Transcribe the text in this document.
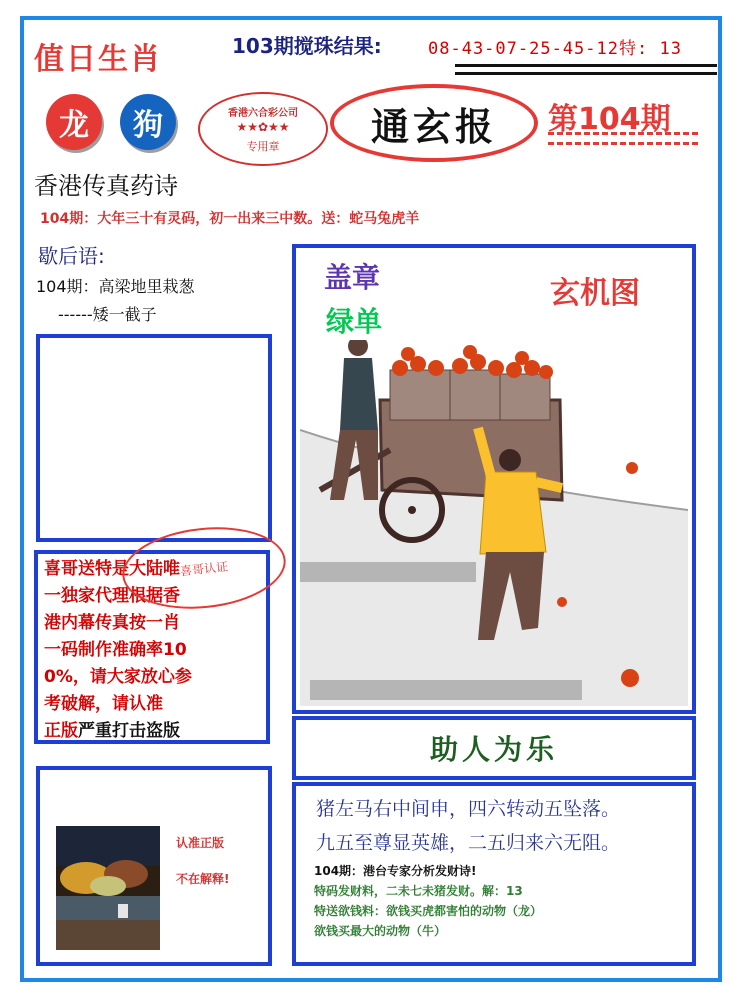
值日生肖	103期搅珠结果:	08-43-07-25-45-12特: 13
龙	狗	香港六合彩公司
★★✿★★
专用章	通玄报 第104期
香港传真药诗
104期：大年三十有灵码，初一出来三中数。送：蛇马兔虎羊
歇后语:
104期：高梁地里栽葱
------矮一截子
喜哥送特是大陆唯
一独家代理根据香
港内幕传真按一肖
一码制作准确率10
0%，请大家放心参
考破解，请认准
正版严重打击盗版
喜哥认证
认准正版
不在解释!
盖章
绿单
玄机图
助人为乐
猪左马右中间申，四六转动五坠落。
九五至尊显英雄，二五归来六无阻。
104期：港台专家分析发财诗!
特码发财料，二未七未猪发财。解：13
特送欲钱料：欲钱买虎都害怕的动物（龙）
欲钱买最大的动物（牛）
